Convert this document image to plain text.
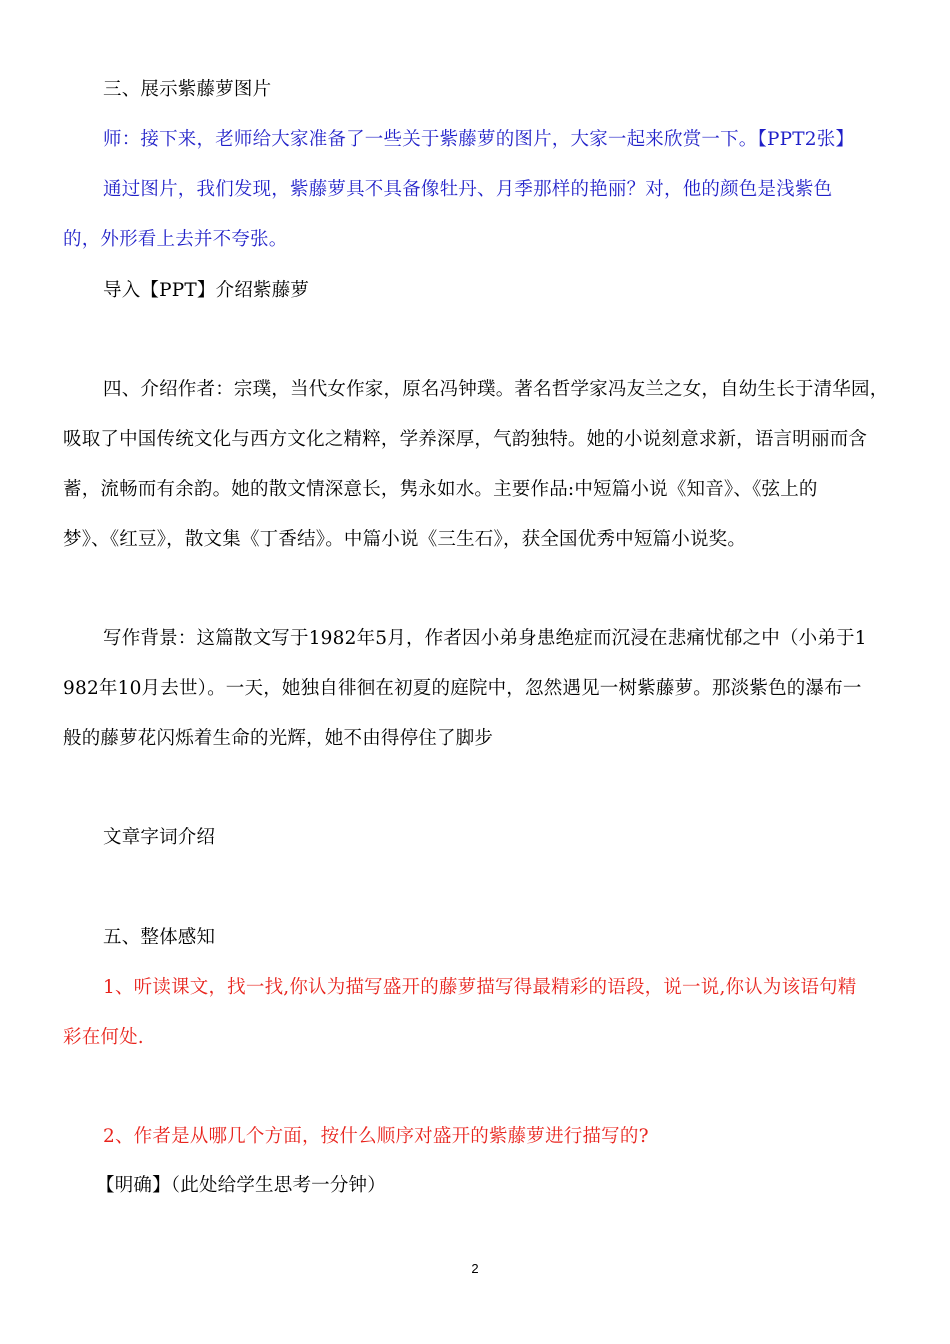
三、展示紫藤萝图片
师：接下来，老师给大家准备了一些关于紫藤萝的图片，大家一起来欣赏一下。【PPT2张】
通过图片，我们发现，紫藤萝具不具备像牡丹、月季那样的艳丽？对，他的颜色是浅紫色
的，外形看上去并不夸张。
导入【PPT】介绍紫藤萝
四、介绍作者：宗璞，当代女作家，原名冯钟璞。著名哲学家冯友兰之女，自幼生长于清华园，
吸取了中国传统文化与西方文化之精粹，学养深厚，气韵独特。她的小说刻意求新，语言明丽而含
蓄，流畅而有余韵。她的散文情深意长，隽永如水。主要作品:中短篇小说《知音》、《弦上的
梦》、《红豆》，散文集《丁香结》。中篇小说《三生石》，获全国优秀中短篇小说奖。
写作背景：这篇散文写于1982年5月，作者因小弟身患绝症而沉浸在悲痛忧郁之中（小弟于1
982年10月去世）。一天，她独自徘徊在初夏的庭院中，忽然遇见一树紫藤萝。那淡紫色的瀑布一
般的藤萝花闪烁着生命的光辉，她不由得停住了脚步
文章字词介绍
五、整体感知
1、听读课文，找一找,你认为描写盛开的藤萝描写得最精彩的语段，说一说,你认为该语句精
彩在何处.
2、作者是从哪几个方面，按什么顺序对盛开的紫藤萝进行描写的?
【明确】（此处给学生思考一分钟）
2
